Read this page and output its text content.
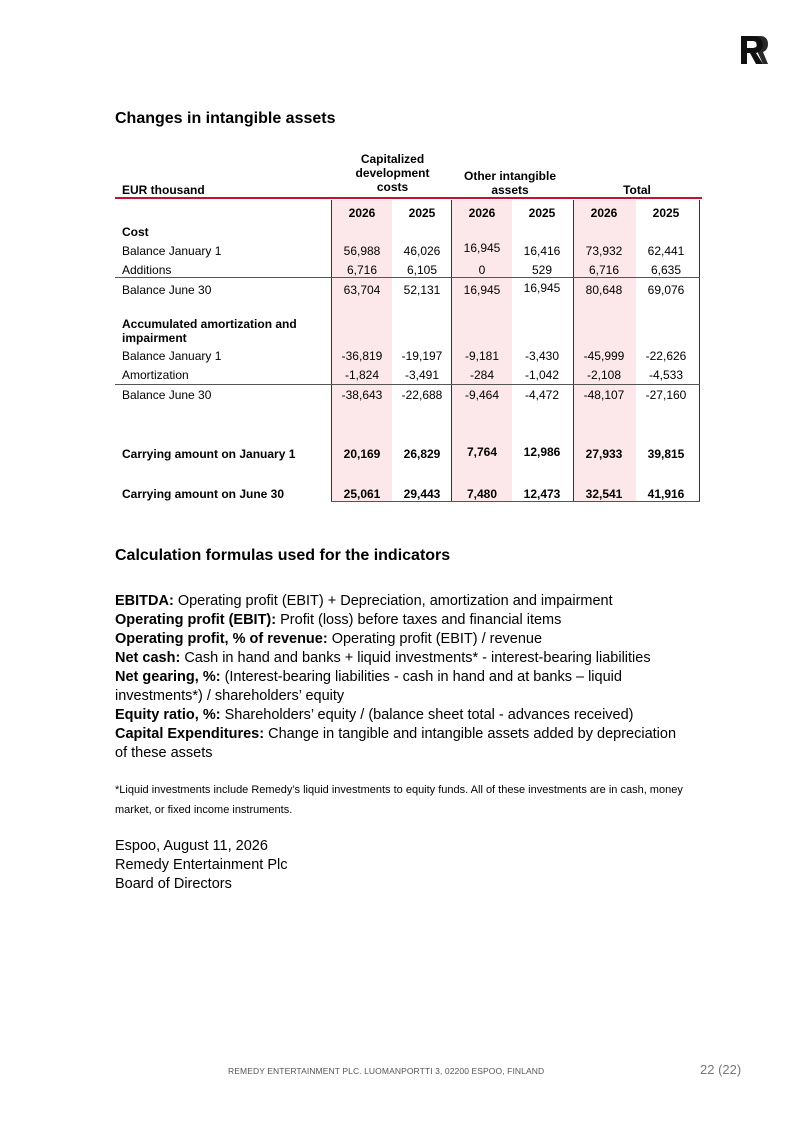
Changes in intangible assets
EUR thousand
Capitalized development costs
Other intangible assets	Total
2026	2025	2026	2025	2026	2025
Cost
Balance January 1	56,988	46,026	16,945	16,416	73,932	62,441
Additions	6,716	6,105	0	529	6,716	6,635
Balance June 30	63,704	52,131	16,945	16,945	80,648	69,076
Accumulated amortization and impairment
Balance January 1	-36,819	-19,197	-9,181	-3,430	-45,999	-22,626
Amortization	-1,824	-3,491	-284	-1,042	-2,108	-4,533
Balance June 30	-38,643	-22,688	-9,464	-4,472	-48,107	-27,160
Carrying amount on January 1	20,169	26,829	7,764	12,986	27,933	39,815
Carrying amount on June 30	25,061	29,443	7,480	12,473	32,541	41,916
Calculation formulas used for the indicators

EBITDA: Operating profit (EBIT) + Depreciation, amortization and impairment

Operating profit (EBIT): Profit (loss) before taxes and financial items

Operating profit, % of revenue: Operating profit (EBIT) / revenue

Net cash: Cash in hand and banks + liquid investments* - interest-bearing liabilities

Net gearing, %: (Interest-bearing liabilities - cash in hand and at banks – liquid investments*) / shareholders’ equity

Equity ratio, %: Shareholders’ equity / (balance sheet total - advances received)

Capital Expenditures: Change in tangible and intangible assets added by depreciation of these assets

*Liquid investments include Remedy’s liquid investments to equity funds. All of these investments are in cash, money market, or fixed income instruments.
Espoo, August 11, 2026
Remedy Entertainment Plc
Board of Directors
REMEDY ENTERTAINMENT PLC. LUOMANPORTTI 3, 02200 ESPOO, FINLAND	22 (22)
